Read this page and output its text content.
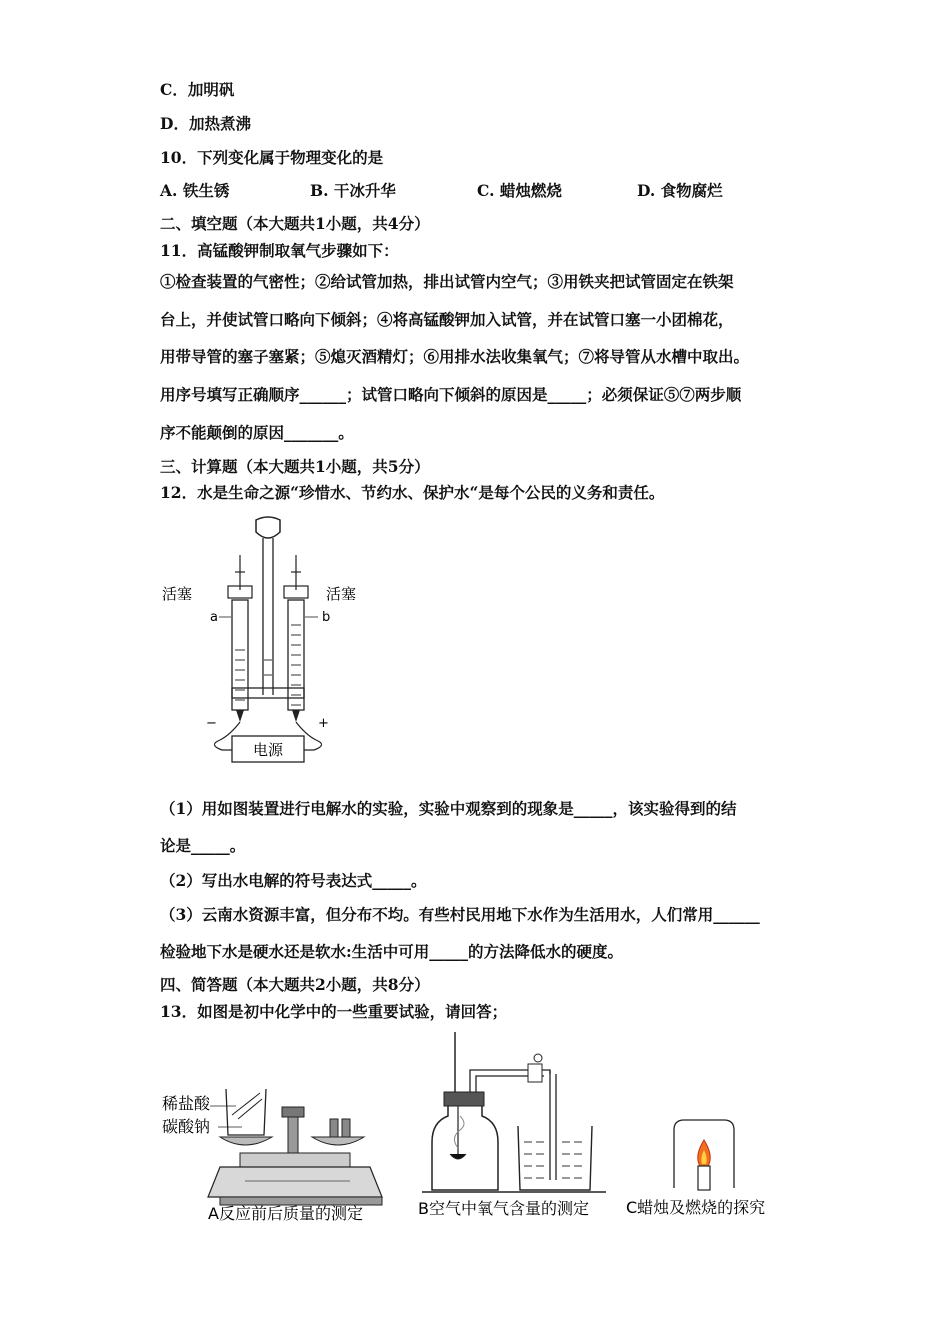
C．加明矾
D．加热煮沸
10．下列变化属于物理变化的是
A. 铁生锈	B. 干冰升华	C. 蜡烛燃烧	D. 食物腐烂
二、填空题（本大题共1小题，共4分）
11．高锰酸钾制取氧气步骤如下：
①检查装置的气密性；②给试管加热，排出试管内空气；③用铁夹把试管固定在铁架
台上，并使试管口略向下倾斜；④将高锰酸钾加入试管，并在试管口塞一小团棉花，
用带导管的塞子塞紧；⑤熄灭酒精灯；⑥用排水法收集氧气；⑦将导管从水槽中取出。
用序号填写正确顺序______；试管口略向下倾斜的原因是_____；必须保证⑤⑦两步顺
序不能颠倒的原因_______。
三、计算题（本大题共1小题，共5分）
12．水是生命之源“珍惜水、节约水、保护水“是每个公民的义务和责任。
电源
活塞	活塞
a	b
−	+
（1）用如图装置进行电解水的实验，实验中观察到的现象是_____，该实验得到的结
论是_____。
（2）写出水电解的符号表达式_____。
（3）云南水资源丰富，但分布不均。有些村民用地下水作为生活用水，人们常用______
检验地下水是硬水还是软水:生活中可用_____的方法降低水的硬度。
四、简答题（本大题共2小题，共8分）
13．如图是初中化学中的一些重要试验，请回答；
稀盐酸
碳酸钠
A反应前后质量的测定	B空气中氧气含量的测定 C蜡烛及燃烧的探究
